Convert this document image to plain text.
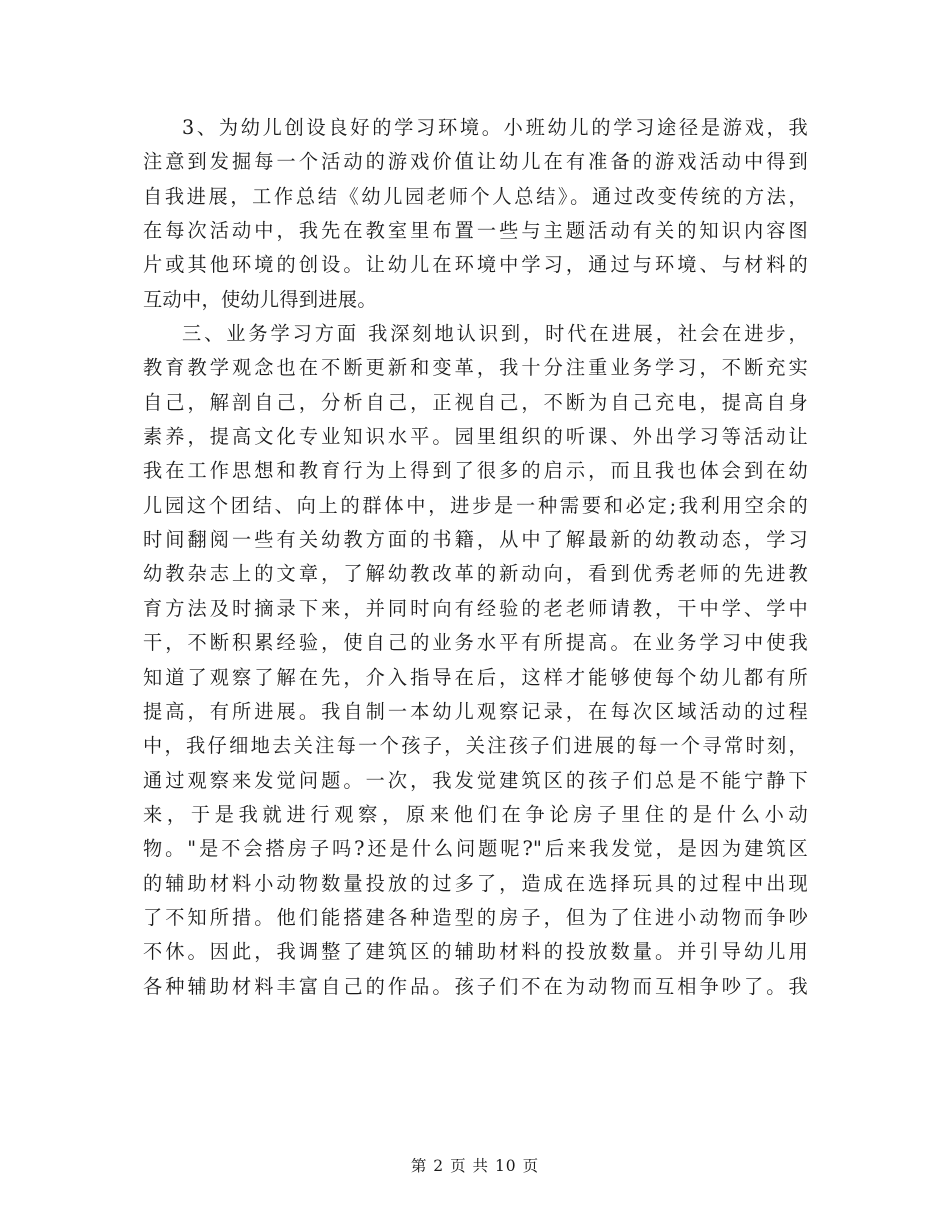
3、为幼儿创设良好的学习环境。小班幼儿的学习途径是游戏，我
注意到发掘每一个活动的游戏价值让幼儿在有准备的游戏活动中得到
自我进展，工作总结《幼儿园老师个人总结》。通过改变传统的方法，
在每次活动中，我先在教室里布置一些与主题活动有关的知识内容图
片或其他环境的创设。让幼儿在环境中学习，通过与环境、与材料的
互动中，使幼儿得到进展。
三、业务学习方面 我深刻地认识到，时代在进展，社会在进步，
教育教学观念也在不断更新和变革，我十分注重业务学习，不断充实
自己，解剖自己，分析自己，正视自己，不断为自己充电，提高自身
素养，提高文化专业知识水平。园里组织的听课、外出学习等活动让
我在工作思想和教育行为上得到了很多的启示，而且我也体会到在幼
儿园这个团结、向上的群体中，进步是一种需要和必定;我利用空余的
时间翻阅一些有关幼教方面的书籍，从中了解最新的幼教动态，学习
幼教杂志上的文章，了解幼教改革的新动向，看到优秀老师的先进教
育方法及时摘录下来，并同时向有经验的老老师请教，干中学、学中
干，不断积累经验，使自己的业务水平有所提高。在业务学习中使我
知道了观察了解在先，介入指导在后，这样才能够使每个幼儿都有所
提高，有所进展。我自制一本幼儿观察记录，在每次区域活动的过程
中，我仔细地去关注每一个孩子，关注孩子们进展的每一个寻常时刻，
通过观察来发觉问题。一次，我发觉建筑区的孩子们总是不能宁静下
来，于是我就进行观察，原来他们在争论房子里住的是什么小动
物。"是不会搭房子吗?还是什么问题呢?"后来我发觉，是因为建筑区
的辅助材料小动物数量投放的过多了，造成在选择玩具的过程中出现
了不知所措。他们能搭建各种造型的房子，但为了住进小动物而争吵
不休。因此，我调整了建筑区的辅助材料的投放数量。并引导幼儿用
各种辅助材料丰富自己的作品。孩子们不在为动物而互相争吵了。我
第 2 页 共 10 页
